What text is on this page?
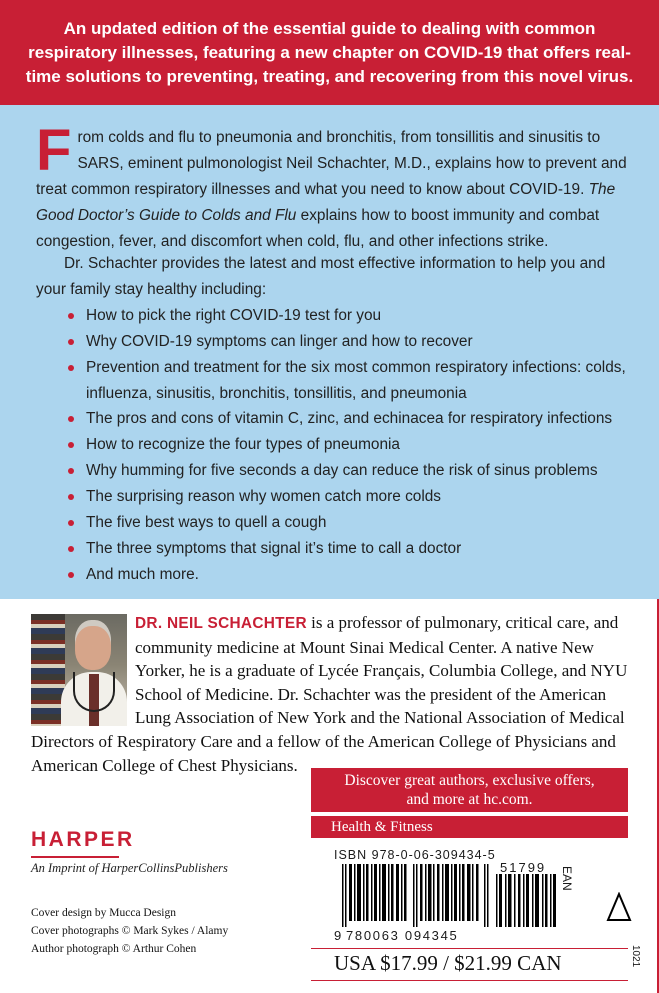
An updated edition of the essential guide to dealing with common respiratory illnesses, featuring a new chapter on COVID-19 that offers real-time solutions to preventing, treating, and recovering from this novel virus.
From colds and flu to pneumonia and bronchitis, from tonsillitis and sinusitis to SARS, eminent pulmonologist Neil Schachter, M.D., explains how to prevent and treat common respiratory illnesses and what you need to know about COVID-19. The Good Doctor’s Guide to Colds and Flu explains how to boost immunity and combat congestion, fever, and discomfort when cold, flu, and other infections strike.
Dr. Schachter provides the latest and most effective information to help you and your family stay healthy including:
How to pick the right COVID-19 test for you
Why COVID-19 symptoms can linger and how to recover
Prevention and treatment for the six most common respiratory infections: colds, influenza, sinusitis, bronchitis, tonsillitis, and pneumonia
The pros and cons of vitamin C, zinc, and echinacea for respiratory infections
How to recognize the four types of pneumonia
Why humming for five seconds a day can reduce the risk of sinus problems
The surprising reason why women catch more colds
The five best ways to quell a cough
The three symptoms that signal it’s time to call a doctor
And much more.
DR. NEIL SCHACHTER is a professor of pulmonary, critical care, and
community medicine at Mount Sinai Medical Center. A native New
Yorker, he is a graduate of Lycée Français, Columbia College, and NYU
School of Medicine. Dr. Schachter was the president of the American
Lung Association of New York and the National Association of Medical
Directors of Respiratory Care and a fellow of the American College of Physicians and
American College of Chest Physicians.
Discover great authors, exclusive offers,
and more at hc.com.
Health & Fitness
HARPER
An Imprint of HarperCollinsPublishers
Cover design by Mucca Design
Cover photographs © Mark Sykes / Alamy
Author photograph © Arthur Cohen
ISBN 978-0-06-309434-5
9 780063 094345
51799 EAN
USA $17.99 / $21.99 CAN	1021
